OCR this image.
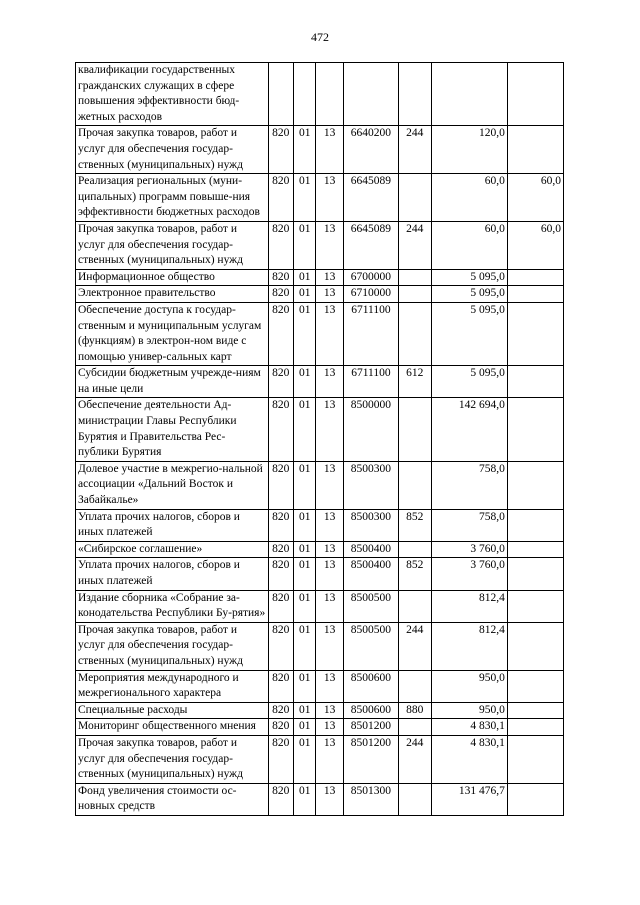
472
квалификации государственных гражданских служащих в сфере повышения эффективности бюд-жетных расходов							
Прочая закупка товаров, работ и услуг для обеспечения государ-ственных (муниципальных) нужд	820	01	13	6640200	244	120,0	
Реализация региональных (муни-ципальных) программ повыше-ния эффективности бюджетных расходов	820	01	13	6645089		60,0	60,0
Прочая закупка товаров, работ и услуг для обеспечения государ-ственных (муниципальных) нужд	820	01	13	6645089	244	60,0	60,0
Информационное общество	820	01	13	6700000		5 095,0	
Электронное правительство	820	01	13	6710000		5 095,0	
Обеспечение доступа к государ-ственным и муниципальным услугам (функциям) в электрон-ном виде с помощью универ-сальных карт	820	01	13	6711100		5 095,0	
Субсидии бюджетным учрежде-ниям на иные цели	820	01	13	6711100	612	5 095,0	
Обеспечение деятельности Ад-министрации Главы Республики Бурятия и Правительства Рес-публики Бурятия	820	01	13	8500000		142 694,0	
Долевое участие в межрегио-нальной ассоциации «Дальний Восток и Забайкалье»	820	01	13	8500300		758,0	
Уплата прочих налогов, сборов и иных платежей	820	01	13	8500300	852	758,0	
«Сибирское соглашение»	820	01	13	8500400		3 760,0	
Уплата прочих налогов, сборов и иных платежей	820	01	13	8500400	852	3 760,0	
Издание сборника «Собрание за-конодательства Республики Бу-рятия»	820	01	13	8500500		812,4	
Прочая закупка товаров, работ и услуг для обеспечения государ-ственных (муниципальных) нужд	820	01	13	8500500	244	812,4	
Мероприятия международного и межрегионального характера	820	01	13	8500600		950,0	
Специальные расходы	820	01	13	8500600	880	950,0	
Мониторинг общественного мнения	820	01	13	8501200		4 830,1	
Прочая закупка товаров, работ и услуг для обеспечения государ-ственных (муниципальных) нужд	820	01	13	8501200	244	4 830,1	
Фонд увеличения стоимости ос-новных средств	820	01	13	8501300		131 476,7	
